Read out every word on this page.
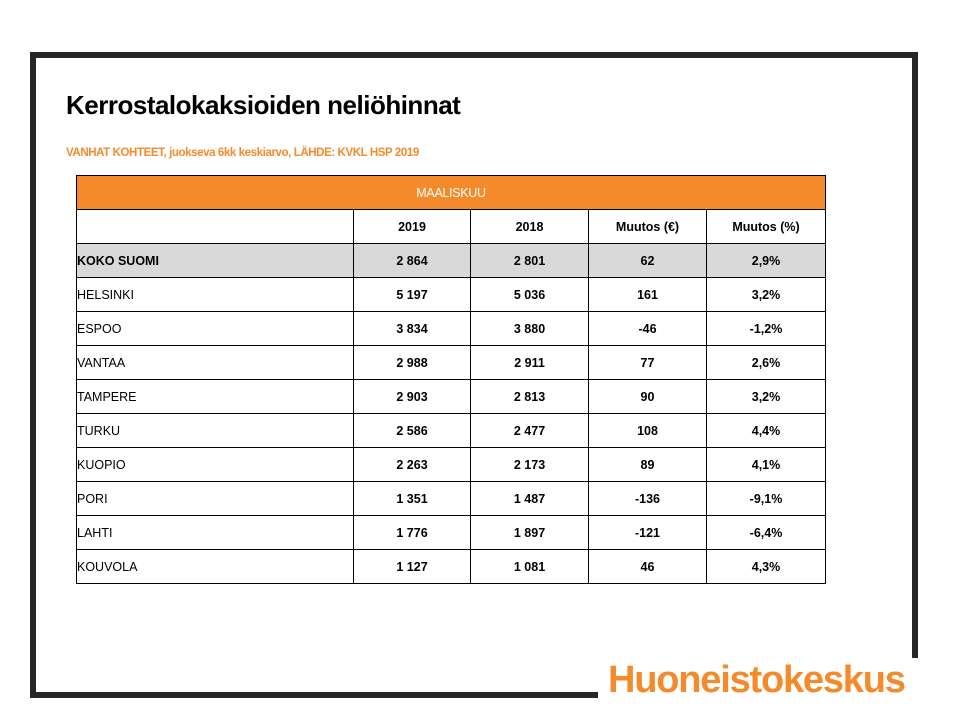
Kerrostalokaksioiden neliöhinnat
VANHAT KOHTEET, juokseva 6kk keskiarvo, LÄHDE: KVKL HSP 2019
MAALISKUU				
	2019	2018	Muutos (€)	Muutos (%)
KOKO SUOMI	2 864	2 801	62	2,9%
HELSINKI	5 197	5 036	161	3,2%
ESPOO	3 834	3 880	-46	-1,2%
VANTAA	2 988	2 911	77	2,6%
TAMPERE	2 903	2 813	90	3,2%
TURKU	2 586	2 477	108	4,4%
KUOPIO	2 263	2 173	89	4,1%
PORI	1 351	1 487	-136	-9,1%
LAHTI	1 776	1 897	-121	-6,4%
KOUVOLA	1 127	1 081	46	4,3%
Huoneistokeskus
